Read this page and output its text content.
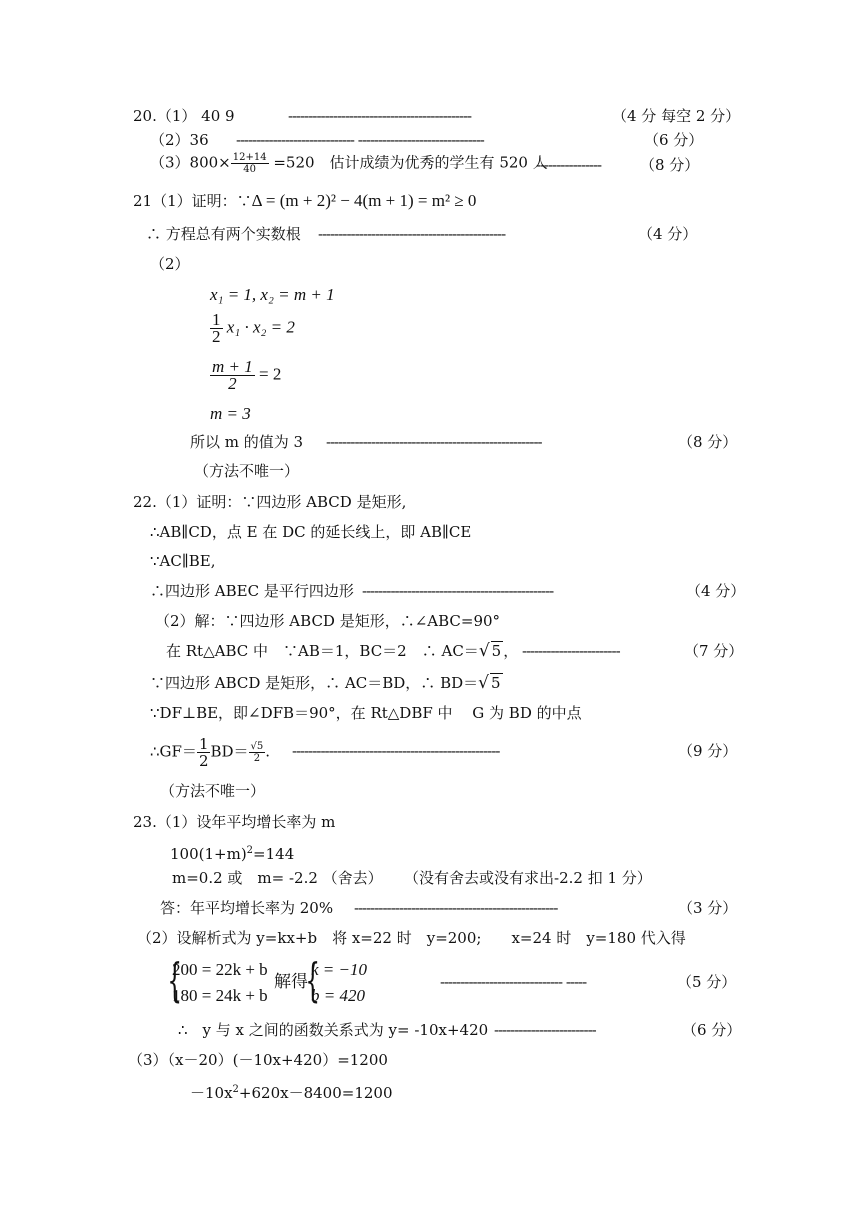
20.（1） 40 9	---------------------------------------------	（4 分 每空 2 分）
（2）36 ----------------------------- -------------------------------	（6 分）
$(3)800\times \frac{12+14}{40} =520$　估计成绩为优秀的学生有 520 人
----------------	（8 分）
21（1）证明：∵Δ = (m + 2)² − 4(m + 1) = m² ≥ 0
∴ 方程总有两个实数根 ----------------------------------------------	（4 分）
（2）
x₁ = 1, x₂ = m + 1
$\frac{1}{2} x_1 \cdot x_2 = 2$
$\frac{m + 1}{2} = 2$
m = 3
所以 m 的值为 3 -----------------------------------------------------	（8 分）
（方法不唯一）
22.（1）证明：∵四边形 ABCD 是矩形,
∴AB∥CD，点 E 在 DC 的延长线上，即 AB∥CE
∵AC∥BE,
∴四边形 ABEC 是平行四边形 -----------------------------------------------	（4 分）
（2）解：∵四边形 ABCD 是矩形，∴∠ABC=90°
在 Rt△ABC 中　∵AB＝1，BC＝2　∴ AC＝√ 5 ， ------------------------	（7 分）
∵四边形 ABCD 是矩形，∴ AC＝BD，∴ BD＝√ 5
∵DF⊥BE，即∠DFB＝90°，在 Rt△DBF 中　 G 为 BD 的中点
∴GF＝ $\frac{1}{2} BD= \frac{√5}{2}$ . ---------------------------------------------------	（9 分）
（方法不唯一）
23.（1）设年平均增长率为 m
$100(1+m)^2=144$
m=0.2 或　m= -2.2 （舍去） （没有舍去或没有求出-2.2 扣 1 分）
答：年平均增长率为 20% --------------------------------------------------	（3 分）
（2）设解析式为 y=kx+b　将 x=22 时　y=200;　　x=24 时　y=180 代入得
{
200 = 22k + b
180 = 24k + b
解得
{
k = −10
b = 420
------------------------------ -----	（5 分）
∴　y 与 x 之间的函数关系式为 y= -10x+420 -------------------------	（6 分）
（3）（x－20）(－10x+420）=1200
$-10x^2+620x-8400=1200$
